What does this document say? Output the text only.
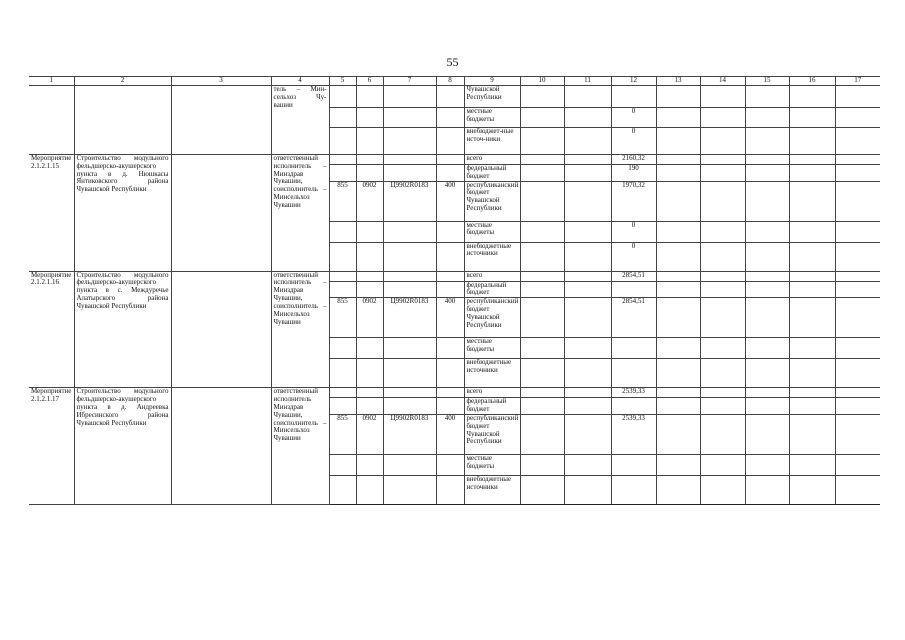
55
1	2	3	4	5	6	7	8	9	10	11	12	13	14	15	16	17
			тель – Мин-сельхоз Чу-вашии					Чувашской Республики								
								местные бюджеты			0					
								внебюджет-ные источ-ники			0					
Мероприятие 2.1.2.1.15	Строительство модульного фельдшерско-акушерского пункта в д. Нюшкасы Янтиковского района Чувашской Республики		ответственный исполнитель – Минздрав Чувашии, соисполнитель – Минсельхоз Чувашии					всего			2160,32					
								федеральный бюджет			190					
				855	0902	Ц9902R0183	400	республиканский бюджет Чувашской Республики			1970,32					
								местные бюджеты			0					
								внебюджетные источники			0					
Мероприятие 2.1.2.1.16	Строительство модульного фельдшерско-акушерского пункта в с. Междуречье Алатырского района Чувашской Республики		ответственный исполнитель – Минздрав Чувашии, соисполнитель – Минсельхоз Чувашии					всего			2854,51					
								федеральный бюджет								
				855	0902	Ц9902R0183	400	республиканский бюджет Чувашской Республики			2854,51					
								местные бюджеты								
								внебюджетные источники								
Мероприятие 2.1.2.1.17	Строительство модульного фельдшерско-акушерского пункта в д. Андреевка Ибресинского района Чувашской Республики		ответственный исполнитель Минздрав Чувашии, соисполнитель – Минсельхоз Чувашии					всего			2539,33					
								федеральный бюджет								
				855	0902	Ц9902R0183	400	республиканский бюджет Чувашской Республики			2539,33					
								местные бюджеты								
								внебюджетные источники								
